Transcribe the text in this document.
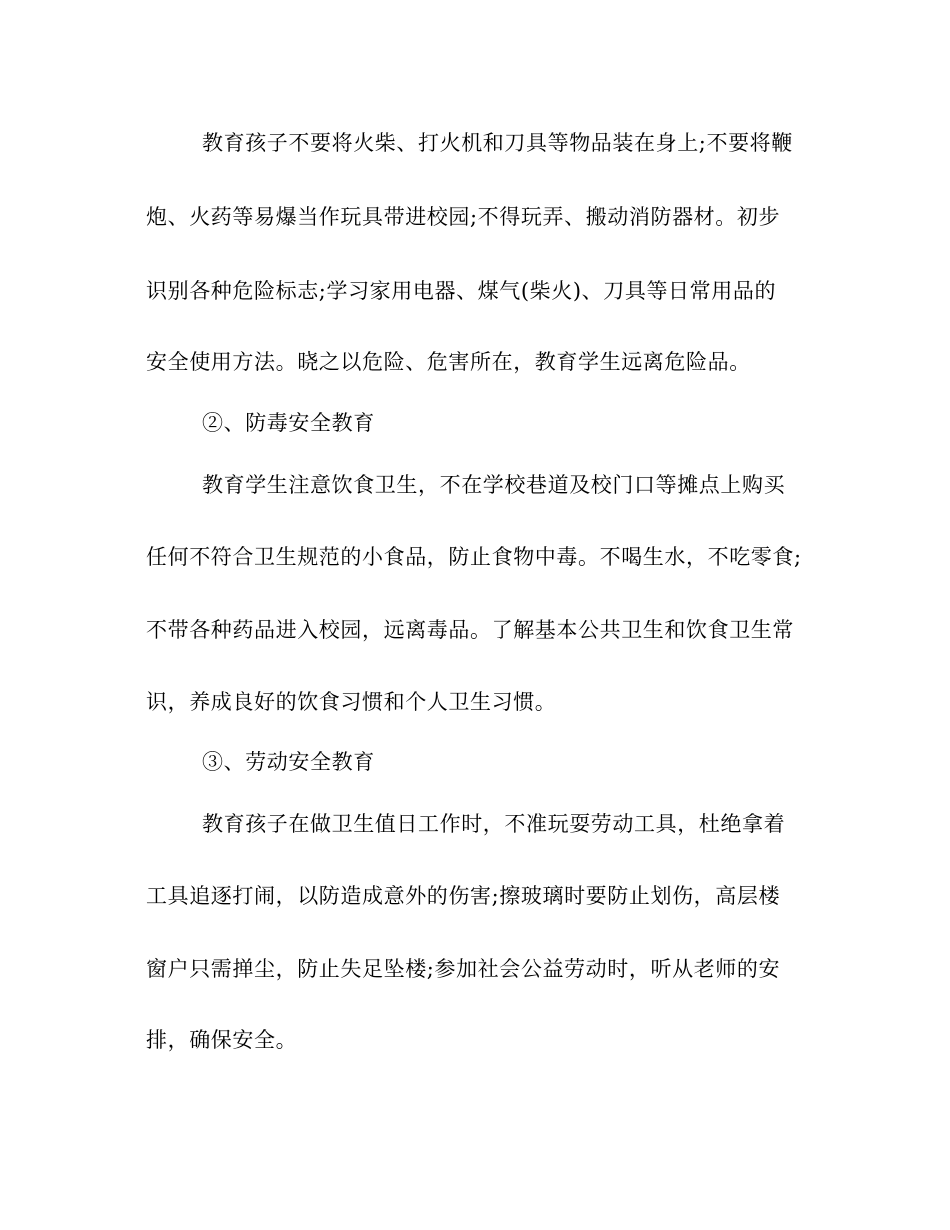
教育孩子不要将火柴、打火机和刀具等物品装在身上;不要将鞭
炮、火药等易爆当作玩具带进校园;不得玩弄、搬动消防器材。初步
识别各种危险标志;学习家用电器、煤气(柴火)、刀具等日常用品的
安全使用方法。晓之以危险、危害所在，教育学生远离危险品。
②、防毒安全教育
教育学生注意饮食卫生，不在学校巷道及校门口等摊点上购买
任何不符合卫生规范的小食品，防止食物中毒。不喝生水，不吃零食;
不带各种药品进入校园，远离毒品。了解基本公共卫生和饮食卫生常
识，养成良好的饮食习惯和个人卫生习惯。
③、劳动安全教育
教育孩子在做卫生值日工作时，不准玩耍劳动工具，杜绝拿着
工具追逐打闹，以防造成意外的伤害;擦玻璃时要防止划伤，高层楼
窗户只需掸尘，防止失足坠楼;参加社会公益劳动时，听从老师的安
排，确保安全。
